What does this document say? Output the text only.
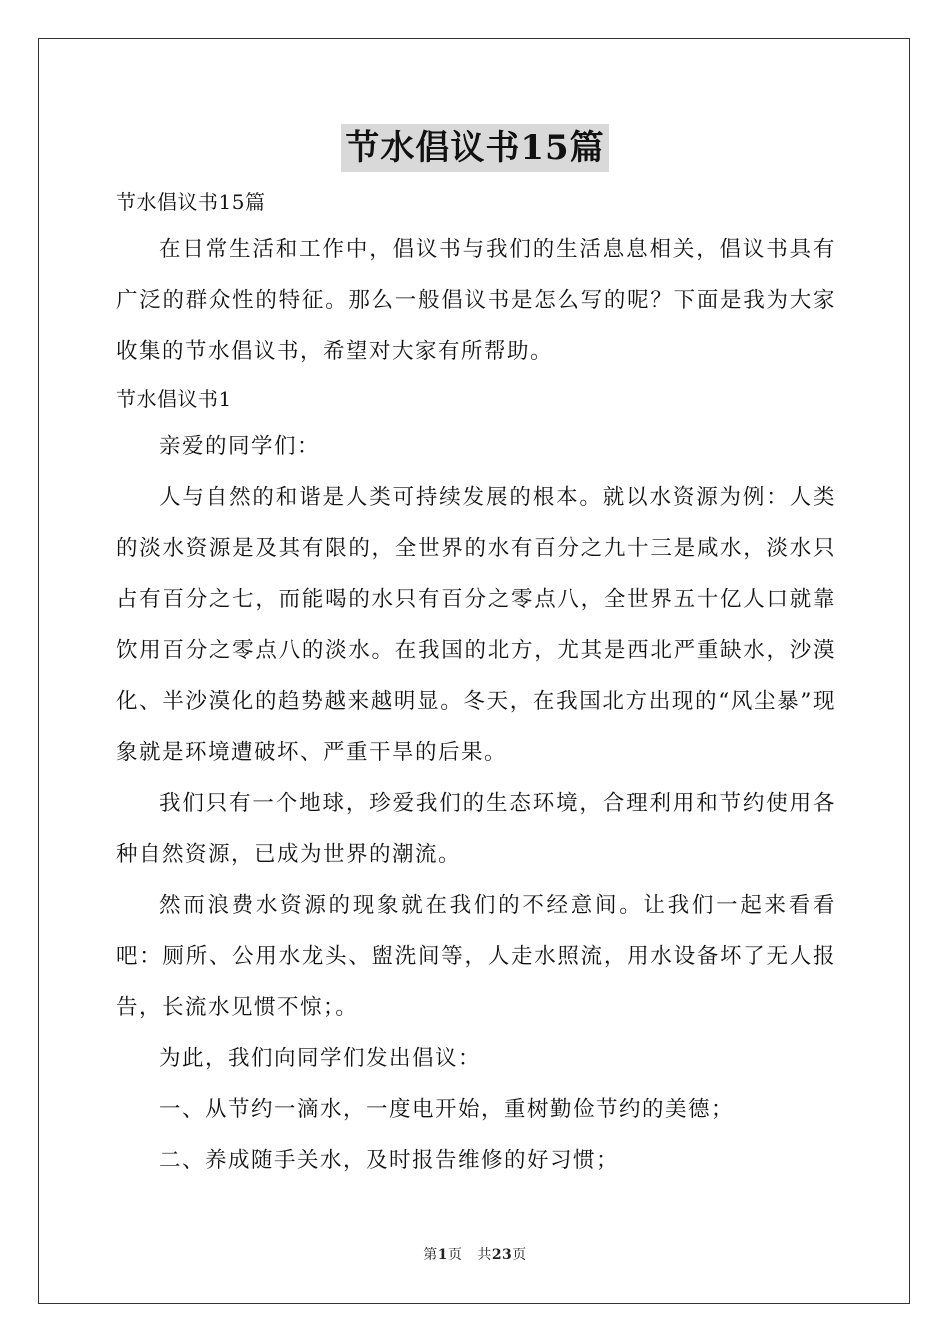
节水倡议书15篇

节水倡议书15篇

在日常生活和工作中，倡议书与我们的生活息息相关，倡议书具有广泛的群众性的特征。那么一般倡议书是怎么写的呢？下面是我为大家收集的节水倡议书，希望对大家有所帮助。

节水倡议书1

亲爱的同学们：

人与自然的和谐是人类可持续发展的根本。就以水资源为例：人类的淡水资源是及其有限的，全世界的水有百分之九十三是咸水，淡水只占有百分之七，而能喝的水只有百分之零点八，全世界五十亿人口就靠饮用百分之零点八的淡水。在我国的北方，尤其是西北严重缺水，沙漠化、半沙漠化的趋势越来越明显。冬天，在我国北方出现的“风尘暴”现象就是环境遭破坏、严重干旱的后果。

我们只有一个地球，珍爱我们的生态环境，合理利用和节约使用各种自然资源，已成为世界的潮流。

然而浪费水资源的现象就在我们的不经意间。让我们一起来看看吧：厕所、公用水龙头、盥洗间等，人走水照流，用水设备坏了无人报告，长流水见惯不惊；。

为此，我们向同学们发出倡议：

一、从节约一滴水，一度电开始，重树勤俭节约的美德；

二、养成随手关水，及时报告维修的好习惯；

第1页 共23页
